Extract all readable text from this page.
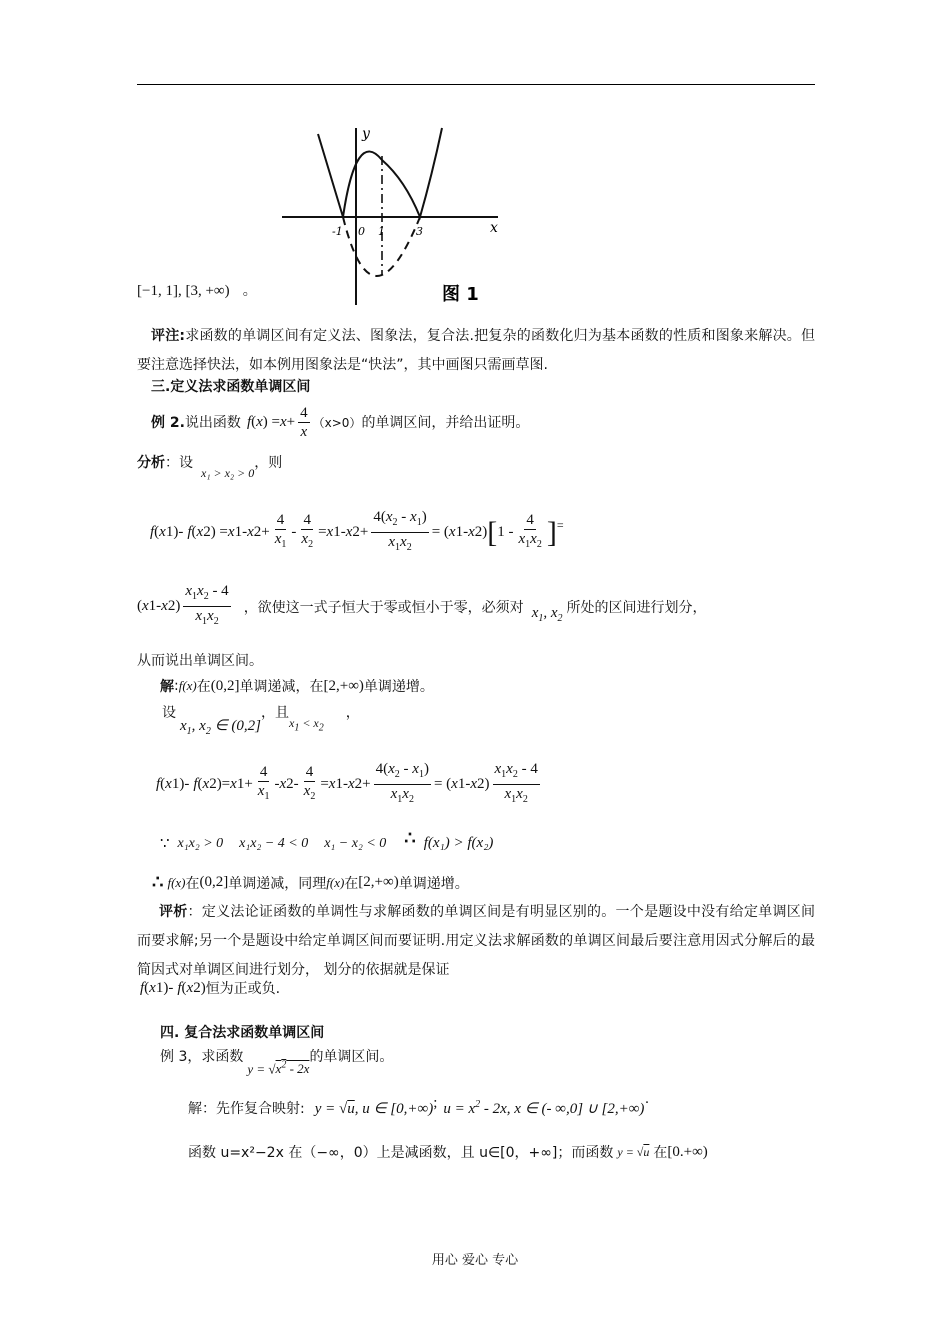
y
x
-1 0 1	3
图 1
[−1, 1], [3, +∞) 。
评注:求函数的单调区间有定义法、图象法，复合法.把复杂的函数化归为基本函数的性质和图象来解决。但要注意选择快法，如本例用图象法是“快法”，其中画图只需画草图.
三.定义法求函数单调区间
例 2. 说出函数 f ( x ) = $x + \frac{4}{x} (x>0)$ 的单调区间，并给出证明。
分析 ：设
x₁ > x₂ > 0
，则
f ( x 1 )- f ( x 2 ) = x 1 - x $2 + \frac{4}{x_1} - \frac{4}{x_2} = x$ 1 - x $2 + \frac{4(x_2 - x_1)}{x_1x_2}$ = ( x 1 - x 2 ) [ $1 - \frac{4}{x_1x_2}$ ] =
( x 1 - x 2 ) $\frac{x_1x_2 - 4}{x_1x_2}$ ，欲使这一式子恒大于零或恒小于零，必须对 $x_1$, $x_2$
所处的区间进行划分，
从而说出单调区间。
解 : f(x) 在 (0,2] 单调递减，在 [2,+∞) 单调递增。
设
$x_1$, $x_2$ ∈ (0,2]
，且
$x_1 < x_2$
，
f ( x 1 )- f ( x 2 )= x $1 + \frac{4}{x_1} - x$ $2 - \frac{4}{x_2} = x$ 1 - x $2 + \frac{4(x_2 - x_1)}{x_1x_2}$ = ( x 1 - x 2 ) $\frac{x_1x_2 - 4}{x_1x_2}$
∵ x₁x₂ > 0 x₁x₂ − 4 < 0 x₁ − x₂ < 0 ∴ f(x₁) > f(x₂)
∴ f(x) 在 (0,2] 单调递减，同理 f(x) 在 [2,+∞) 单调递增。
评析：定义法论证函数的单调性与求解函数的单调区间是有明显区别的。一个是题设中没有给定单调区间而要求解;另一个是题设中给定单调区间而要证明.用定义法求解函数的单调区间最后要注意用因式分解后的最简因式对单调区间进行划分， 划分的依据就是保证
f ( x 1 )- f ( x 2 ) 恒为正或负.
四. 复合法求函数单调区间
例 3，求函数
$y = √x^2 - 2x$
的单调区间。
解：先作复合映射: y = √u, u ∈ [0,+∞) ; $u = x^2 - 2x$, x ∈ (- ∞,0] ∪ [2,+∞) ·
函数 u=x²−2x 在（−∞，0）上是减函数，且 u∈[0，+∞]；而函数 y = √u 在 [0.+∞)
用心 爱心 专心
